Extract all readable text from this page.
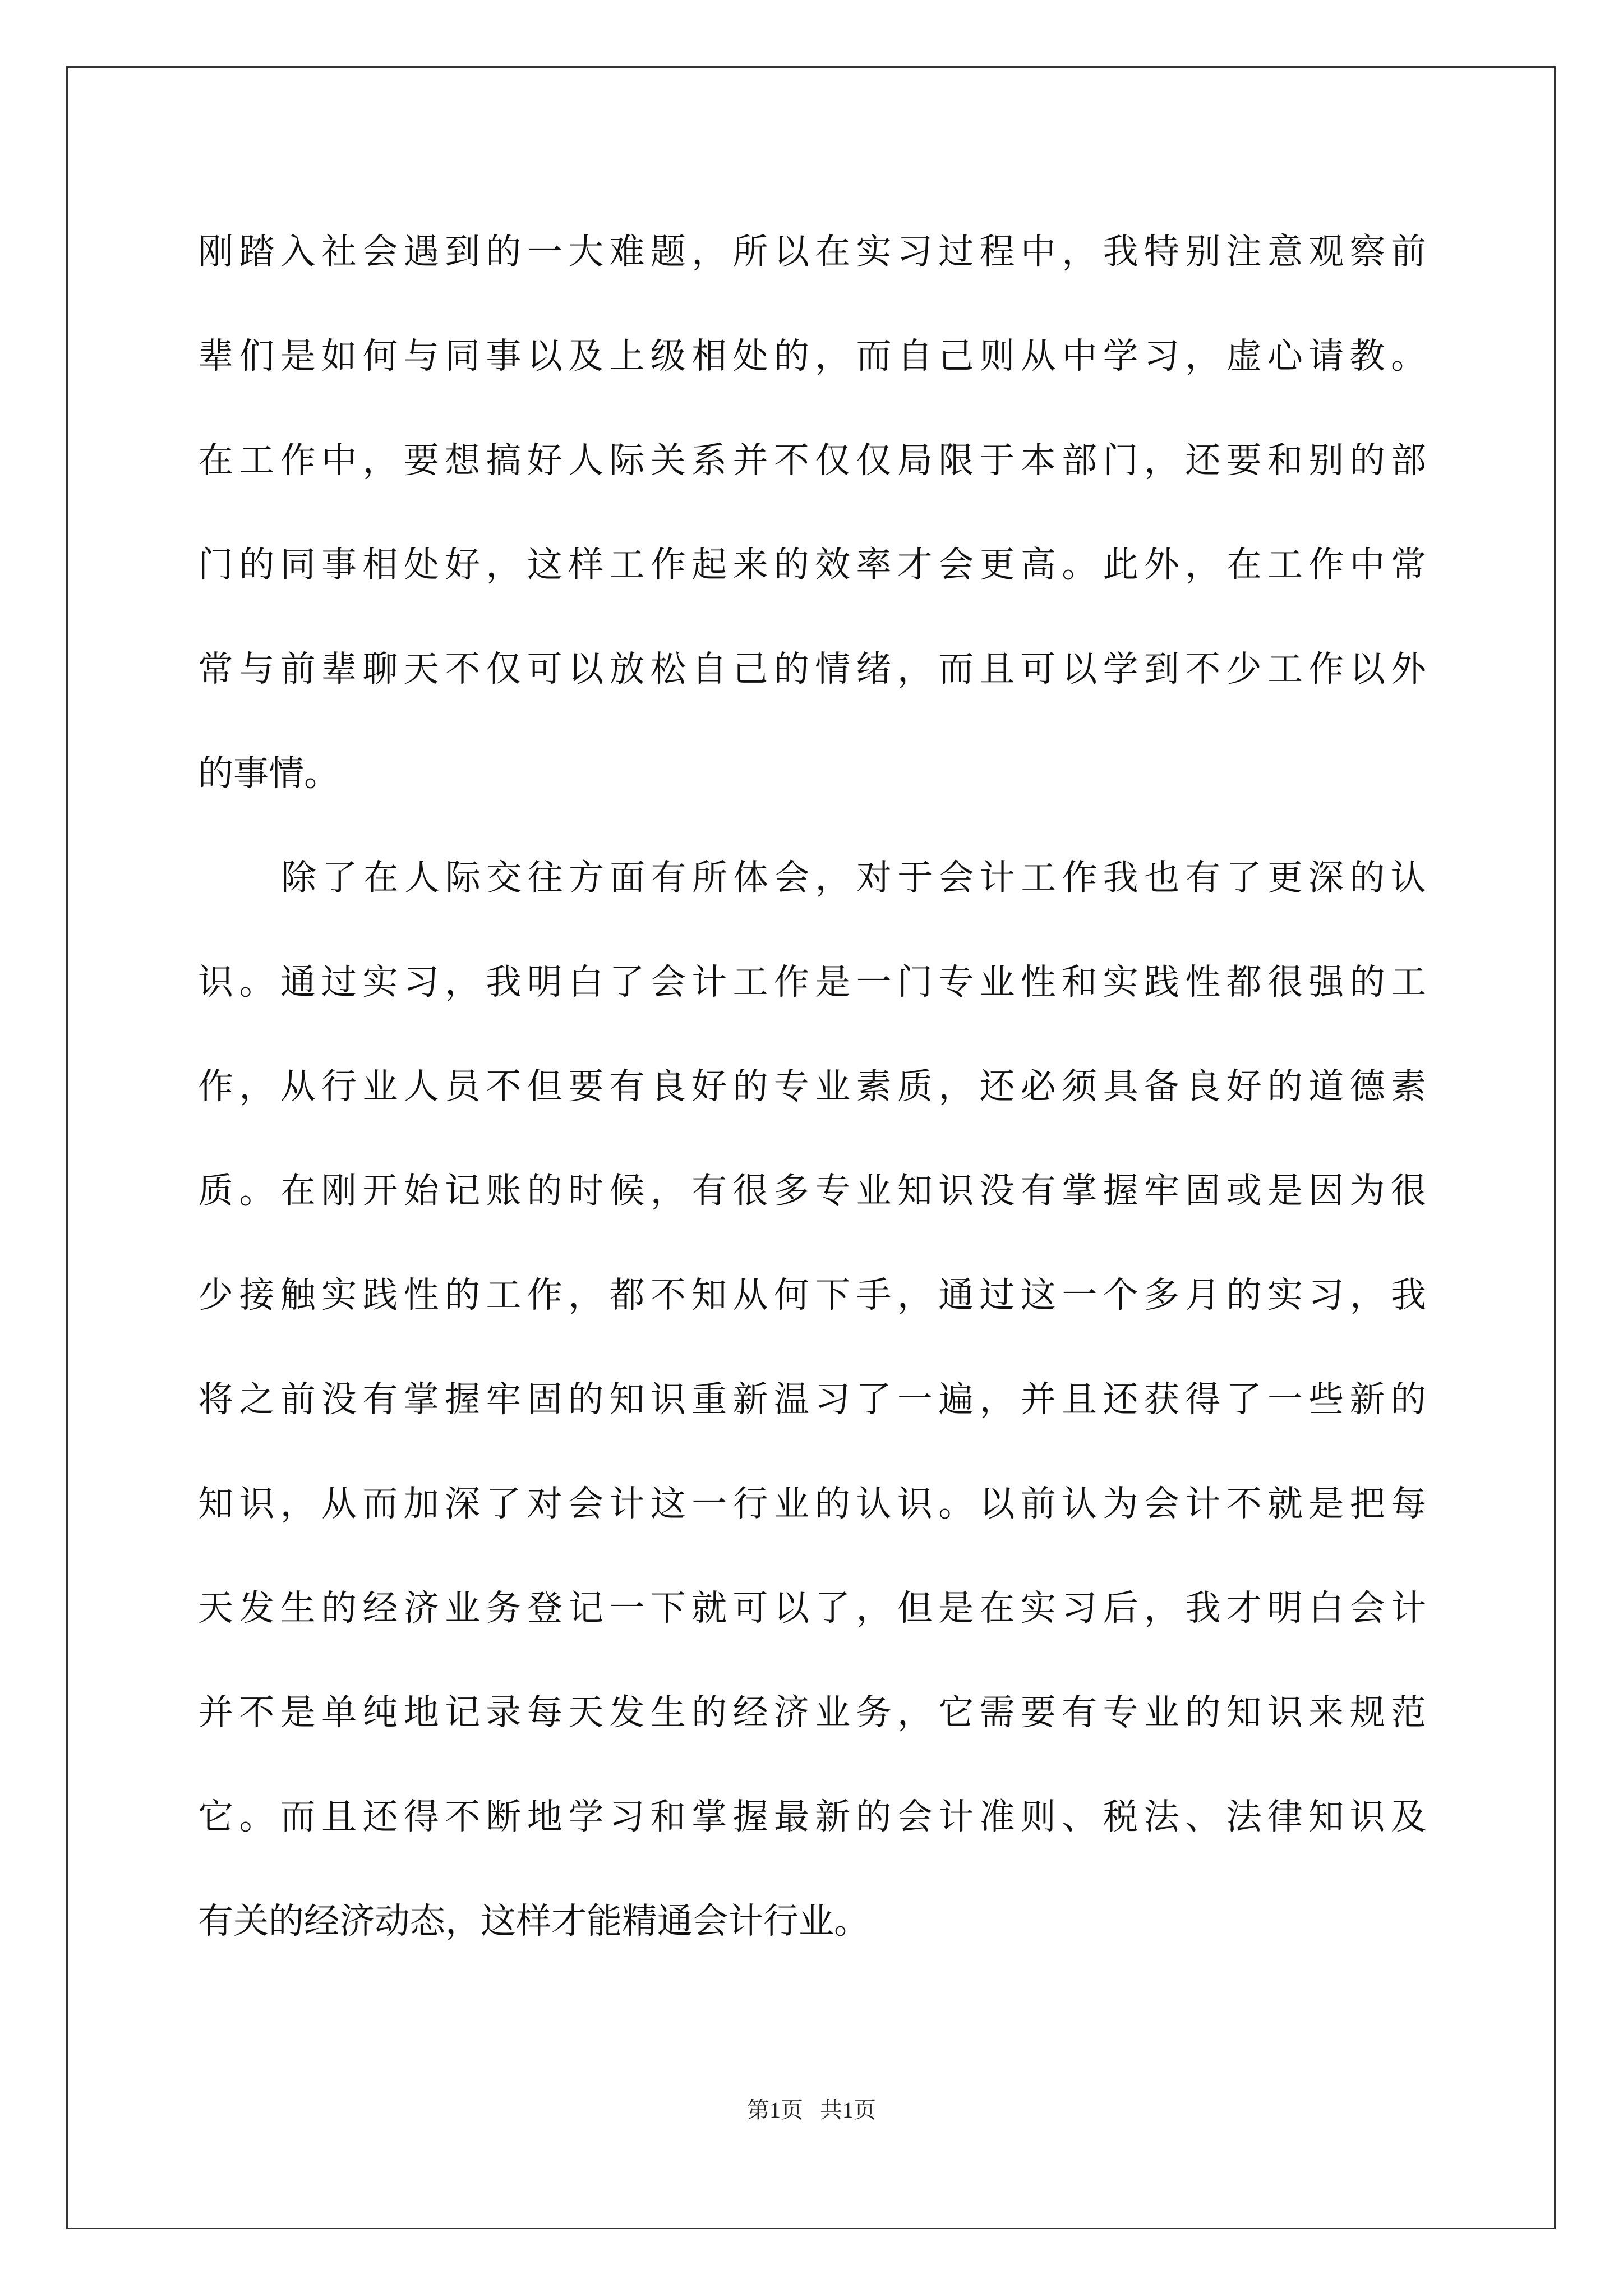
刚 踏 入 社 会 遇 到 的 一 大 难 题 ， 所 以 在 实 习 过 程 中 ， 我 特 别 注 意 观 察 前
辈 们 是 如 何 与 同 事 以 及 上 级 相 处 的 ， 而 自 己 则 从 中 学 习 ， 虚 心 请 教 。
在 工 作 中 ， 要 想 搞 好 人 际 关 系 并 不 仅 仅 局 限 于 本 部 门 ， 还 要 和 别 的 部
门 的 同 事 相 处 好 ， 这 样 工 作 起 来 的 效 率 才 会 更 高 。 此 外 ， 在 工 作 中 常
常 与 前 辈 聊 天 不 仅 可 以 放 松 自 己 的 情 绪 ， 而 且 可 以 学 到 不 少 工 作 以 外
的事情。
除 了 在 人 际 交 往 方 面 有 所 体 会 ， 对 于 会 计 工 作 我 也 有 了 更 深 的 认
识 。 通 过 实 习 ， 我 明 白 了 会 计 工 作 是 一 门 专 业 性 和 实 践 性 都 很 强 的 工
作 ， 从 行 业 人 员 不 但 要 有 良 好 的 专 业 素 质 ， 还 必 须 具 备 良 好 的 道 德 素
质 。 在 刚 开 始 记 账 的 时 候 ， 有 很 多 专 业 知 识 没 有 掌 握 牢 固 或 是 因 为 很
少 接 触 实 践 性 的 工 作 ， 都 不 知 从 何 下 手 ， 通 过 这 一 个 多 月 的 实 习 ， 我
将 之 前 没 有 掌 握 牢 固 的 知 识 重 新 温 习 了 一 遍 ， 并 且 还 获 得 了 一 些 新 的
知 识 ， 从 而 加 深 了 对 会 计 这 一 行 业 的 认 识 。 以 前 认 为 会 计 不 就 是 把 每
天 发 生 的 经 济 业 务 登 记 一 下 就 可 以 了 ， 但 是 在 实 习 后 ， 我 才 明 白 会 计
并 不 是 单 纯 地 记 录 每 天 发 生 的 经 济 业 务 ， 它 需 要 有 专 业 的 知 识 来 规 范
它 。 而 且 还 得 不 断 地 学 习 和 掌 握 最 新 的 会 计 准 则 、 税 法 、 法 律 知 识 及
有关的经济动态，这样才能精通会计行业。
第1页   共1页
